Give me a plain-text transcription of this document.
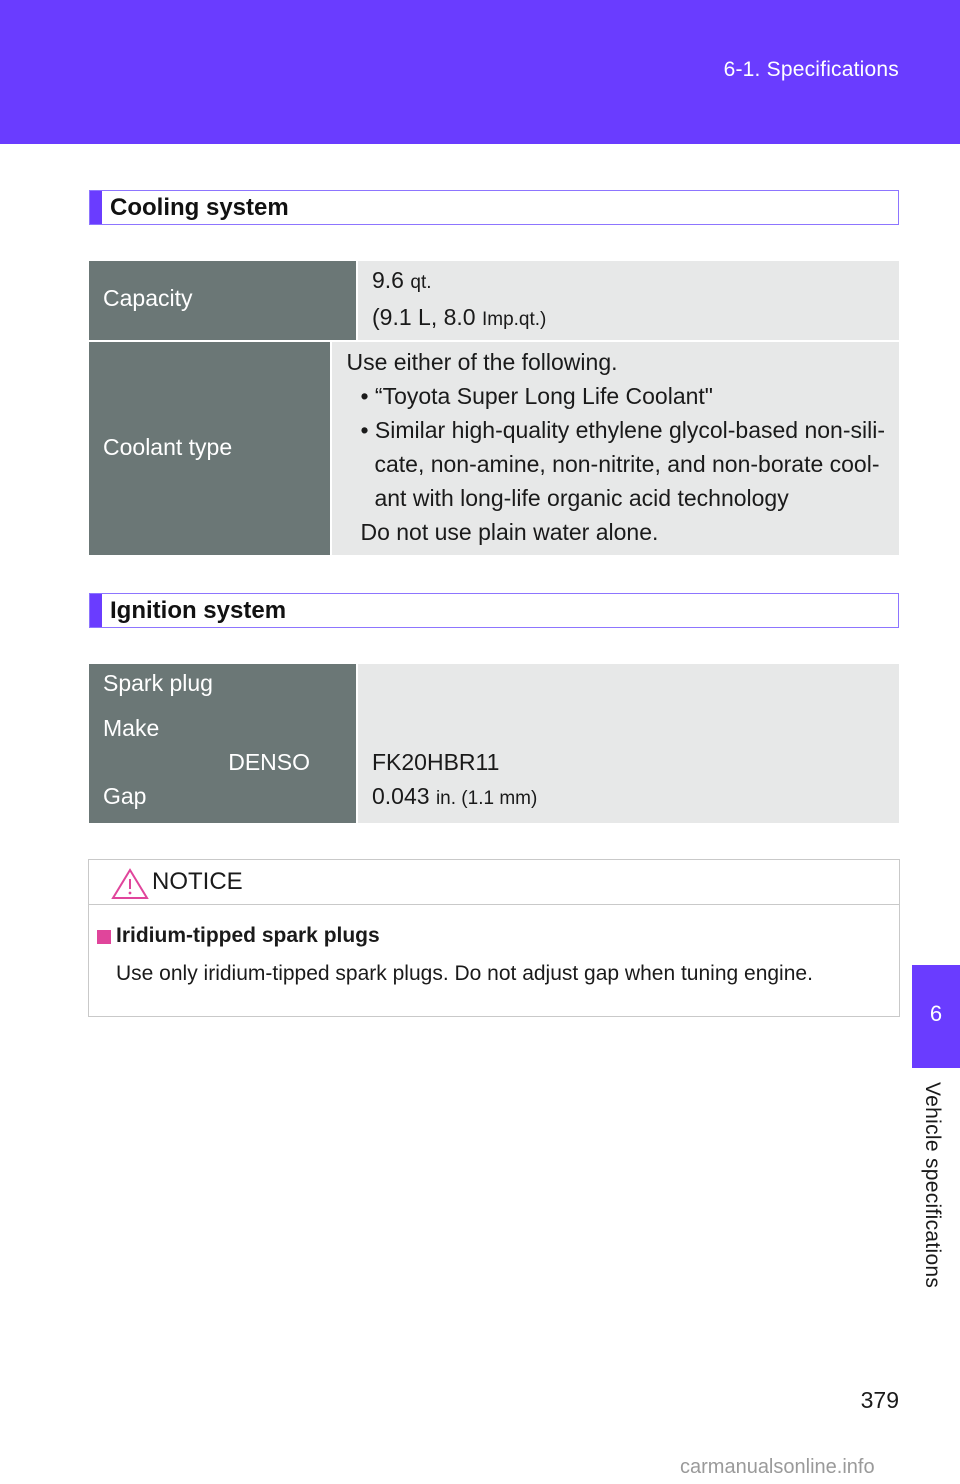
6-1. Specifications
Cooling system
Capacity
9.6 qt.
(9.1 L, 8.0 Imp.qt.)
Coolant type
Use either of the following.
• “Toyota Super Long Life Coolant"
• Similar high-quality ethylene glycol-based non-sili-
cate, non-amine, non-nitrite, and non-borate cool-
ant with long-life organic acid technology
Do not use plain water alone.
Ignition system
Spark plug
Make
DENSO
Gap
FK20HBR11
0.043 in. (1.1 mm)
NOTICE
Iridium-tipped spark plugs
Use only iridium-tipped spark plugs. Do not adjust gap when tuning engine.
6
Vehicle specifications
379
carmanualsonline.info
